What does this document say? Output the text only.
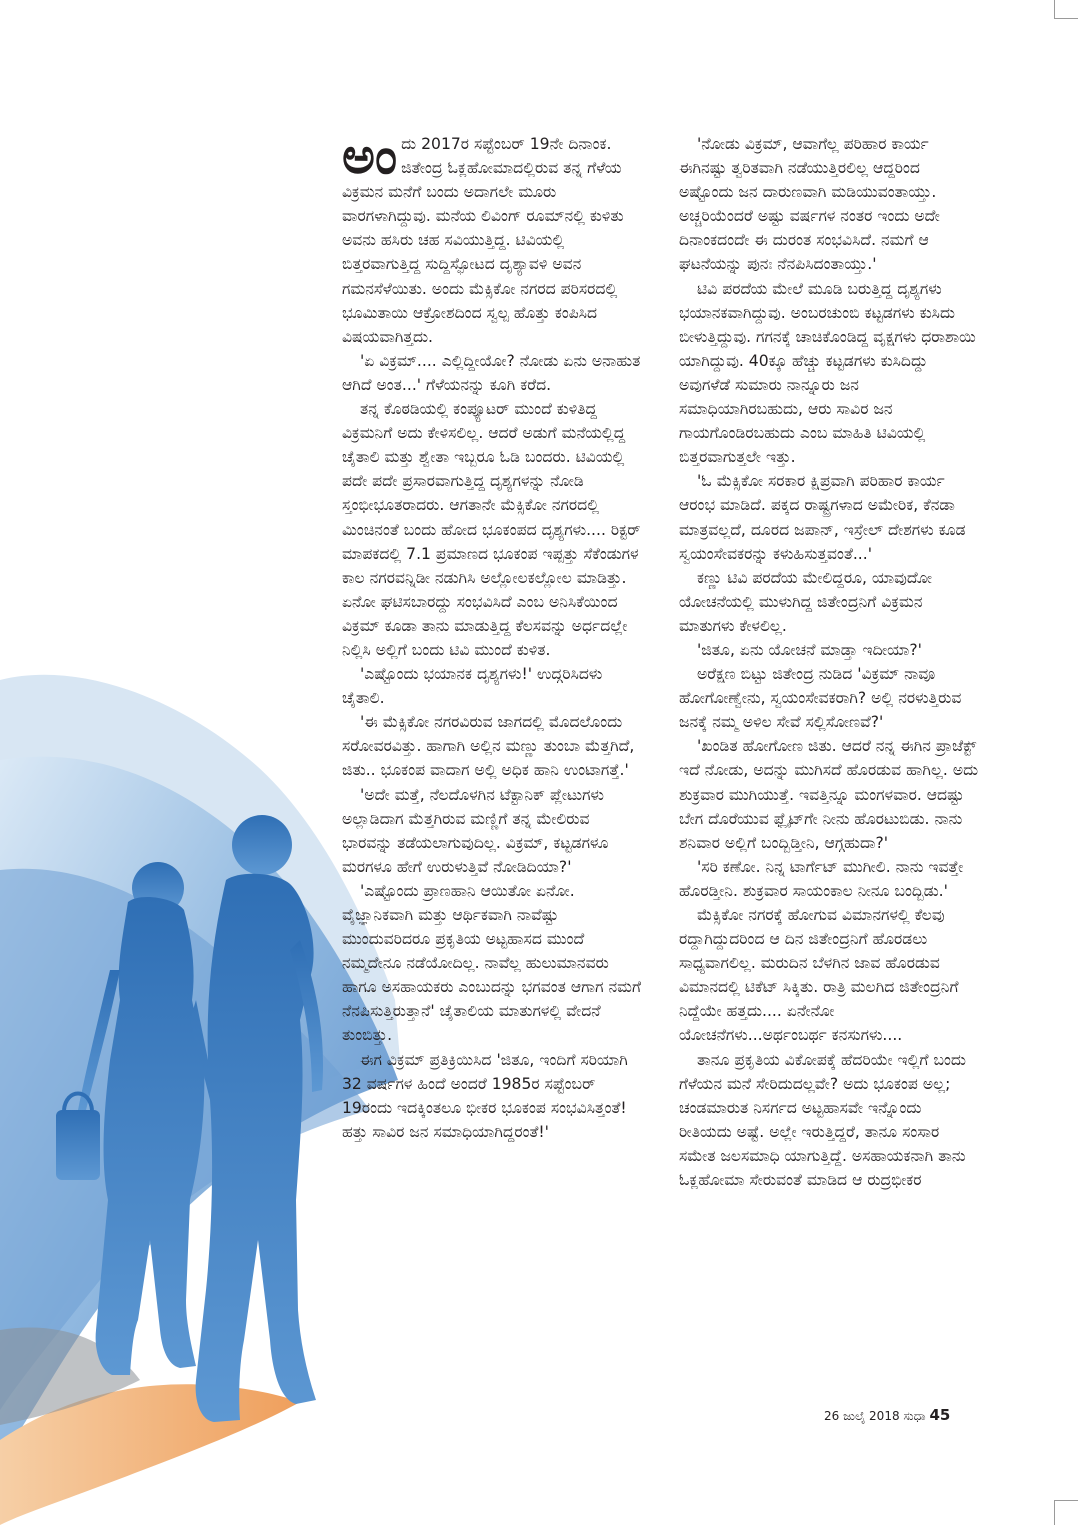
ಅಂದು 2017ರ ಸಪ್ಟೆಂಬರ್ 19ನೇ ದಿನಾಂಕ. ಜಿತೇಂದ್ರ ಓಕ್ಲಹೋಮಾದಲ್ಲಿರುವ ತನ್ನ ಗೆಳೆಯ ವಿಕ್ರಮನ ಮನೆಗೆ ಬಂದು ಅದಾಗಲೇ ಮೂರು ವಾರಗಳಾಗಿದ್ದುವು. ಮನೆಯ ಲಿವಿಂಗ್ ರೂಮ್‌ನಲ್ಲಿ ಕುಳಿತು ಅವನು ಹಸಿರು ಚಹ ಸವಿಯುತ್ತಿದ್ದ. ಟಿವಿಯಲ್ಲಿ ಬಿತ್ತರವಾಗುತ್ತಿದ್ದ ಸುದ್ದಿಸ್ಫೋಟದ ದೃಶ್ಯಾವಳಿ ಅವನ ಗಮನಸೆಳೆಯಿತು. ಅಂದು ಮೆಕ್ಸಿಕೋ ನಗರದ ಪರಿಸರದಲ್ಲಿ ಭೂಮಿತಾಯಿ ಆಕ್ರೋಶದಿಂದ ಸ್ವಲ್ಪ ಹೊತ್ತು ಕಂಪಿಸಿದ ವಿಷಯವಾಗಿತ್ತದು.

'ಏ ವಿಕ್ರಮ್.... ಎಲ್ಲಿದ್ದೀಯೋ? ನೋಡು ಏನು ಅನಾಹುತ ಆಗಿದೆ ಅಂತ...' ಗೆಳೆಯನನ್ನು ಕೂಗಿ ಕರೆದ.

ತನ್ನ ಕೊಠಡಿಯಲ್ಲಿ ಕಂಪ್ಯೂಟರ್ ಮುಂದೆ ಕುಳಿತಿದ್ದ ವಿಕ್ರಮನಿಗೆ ಅದು ಕೇಳಿಸಲಿಲ್ಲ. ಆದರೆ ಅಡುಗೆ ಮನೆಯಲ್ಲಿದ್ದ ಚೈತಾಲಿ ಮತ್ತು ಶ್ವೇತಾ ಇಬ್ಬರೂ ಓಡಿ ಬಂದರು. ಟಿವಿಯಲ್ಲಿ ಪದೇ ಪದೇ ಪ್ರಸಾರವಾಗುತ್ತಿದ್ದ ದೃಶ್ಯಗಳನ್ನು ನೋಡಿ ಸ್ತಂಭೀಭೂತರಾದರು. ಆಗತಾನೇ ಮೆಕ್ಸಿಕೋ ನಗರದಲ್ಲಿ ಮಿಂಚಿನಂತೆ ಬಂದು ಹೋದ ಭೂಕಂಪದ ದೃಶ್ಯಗಳು.... ರಿಕ್ಟರ್ ಮಾಪಕದಲ್ಲಿ 7.1 ಪ್ರಮಾಣದ ಭೂಕಂಪ ಇಪ್ಪತ್ತು ಸೆಕೆಂಡುಗಳ ಕಾಲ ನಗರವನ್ನಿಡೀ ನಡುಗಿಸಿ ಅಲ್ಲೋಲಕಲ್ಲೋಲ ಮಾಡಿತ್ತು. ಏನೋ ಘಟಿಸಬಾರದ್ದು ಸಂಭವಿಸಿದೆ ಎಂಬ ಅನಿಸಿಕೆಯಿಂದ ವಿಕ್ರಮ್ ಕೂಡಾ ತಾನು ಮಾಡುತ್ತಿದ್ದ ಕೆಲಸವನ್ನು ಅರ್ಧದಲ್ಲೇ ನಿಲ್ಲಿಸಿ ಅಲ್ಲಿಗೆ ಬಂದು ಟಿವಿ ಮುಂದೆ ಕುಳಿತ.

'ಎಷ್ಟೊಂದು ಭಯಾನಕ ದೃಶ್ಯಗಳು!' ಉದ್ಗರಿಸಿದಳು ಚೈತಾಲಿ.

'ಈ ಮೆಕ್ಸಿಕೋ ನಗರವಿರುವ ಜಾಗದಲ್ಲಿ ಮೊದಲೊಂದು ಸರೋವರವಿತ್ತು. ಹಾಗಾಗಿ ಅಲ್ಲಿನ ಮಣ್ಣು ತುಂಬಾ ಮೆತ್ತಗಿದೆ, ಜಿತು.. ಭೂಕಂಪ ವಾದಾಗ ಅಲ್ಲಿ ಅಧಿಕ ಹಾನಿ ಉಂಟಾಗತ್ತೆ.'

'ಅದೇ ಮತ್ತೆ, ನೆಲದೊಳಗಿನ ಟೆಕ್ಟಾನಿಕ್ ಪ್ಲೇಟುಗಳು ಅಲ್ಲಾಡಿದಾಗ ಮೆತ್ತಗಿರುವ ಮಣ್ಣಿಗೆ ತನ್ನ ಮೇಲಿರುವ ಭಾರವನ್ನು ತಡೆಯಲಾಗುವುದಿಲ್ಲ. ವಿಕ್ರಮ್, ಕಟ್ಟಡಗಳೂ ಮರಗಳೂ ಹೇಗೆ ಉರುಳುತ್ತಿವೆ ನೋಡಿದಿಯಾ?'

'ಎಷ್ಟೊಂದು ಪ್ರಾಣಹಾನಿ ಆಯಿತೋ ಏನೋ. ವೈಜ್ಞಾನಿಕವಾಗಿ ಮತ್ತು ಆರ್ಥಿಕವಾಗಿ ನಾವೆಷ್ಟು ಮುಂದುವರಿದರೂ ಪ್ರಕೃತಿಯ ಅಟ್ಟಹಾಸದ ಮುಂದೆ ನಮ್ಮದೇನೂ ನಡೆಯೋದಿಲ್ಲ. ನಾವೆಲ್ಲ ಹುಲುಮಾನವರು ಹಾಗೂ ಅಸಹಾಯಕರು ಎಂಬುದನ್ನು ಭಗವಂತ ಆಗಾಗ ನಮಗೆ ನೆನಪಿಸುತ್ತಿರುತ್ತಾನೆ' ಚೈತಾಲಿಯ ಮಾತುಗಳಲ್ಲಿ ವೇದನೆ ತುಂಬಿತ್ತು.

ಈಗ ವಿಕ್ರಮ್ ಪ್ರತಿಕ್ರಿಯಿಸಿದ 'ಜಿತೂ, ಇಂದಿಗೆ ಸರಿಯಾಗಿ 32 ವರ್ಷಗಳ ಹಿಂದೆ ಅಂದರೆ 1985ರ ಸಪ್ಟೆಂಬರ್ 19ರಂದು ಇದಕ್ಕಿಂತಲೂ ಭೀಕರ ಭೂಕಂಪ ಸಂಭವಿಸಿತ್ತಂತೆ! ಹತ್ತು ಸಾವಿರ ಜನ ಸಮಾಧಿಯಾಗಿದ್ದರಂತೆ!'

'ನೋಡು ವಿಕ್ರಮ್, ಆವಾಗೆಲ್ಲ ಪರಿಹಾರ ಕಾರ್ಯ ಈಗಿನಷ್ಟು ತ್ವರಿತವಾಗಿ ನಡೆಯುತ್ತಿರಲಿಲ್ಲ ಆದ್ದರಿಂದ ಅಷ್ಟೊಂದು ಜನ ದಾರುಣವಾಗಿ ಮಡಿಯುವಂತಾಯ್ತು. ಅಚ್ಚರಿಯೆಂದರೆ ಅಷ್ಟು ವರ್ಷಗಳ ನಂತರ ಇಂದು ಅದೇ ದಿನಾಂಕದಂದೇ ಈ ದುರಂತ ಸಂಭವಿಸಿದೆ. ನಮಗೆ ಆ ಘಟನೆಯನ್ನು ಪುನಃ ನೆನಪಿಸಿದಂತಾಯ್ತು.'

ಟಿವಿ ಪರದೆಯ ಮೇಲೆ ಮೂಡಿ ಬರುತ್ತಿದ್ದ ದೃಶ್ಯಗಳು ಭಯಾನಕವಾಗಿದ್ದುವು. ಅಂಬರಚುಂಬಿ ಕಟ್ಟಡಗಳು ಕುಸಿದು ಬೀಳುತ್ತಿದ್ದುವು. ಗಗನಕ್ಕೆ ಚಾಚಿಕೊಂಡಿದ್ದ ವೃಕ್ಷಗಳು ಧರಾಶಾಯಿ ಯಾಗಿದ್ದುವು. 40ಕ್ಕೂ ಹೆಚ್ಚು ಕಟ್ಟಡಗಳು ಕುಸಿದಿದ್ದು ಅವುಗಳೆಡೆ ಸುಮಾರು ನಾನ್ನೂರು ಜನ ಸಮಾಧಿಯಾಗಿರಬಹುದು, ಆರು ಸಾವಿರ ಜನ ಗಾಯಗೊಂಡಿರಬಹುದು ಎಂಬ ಮಾಹಿತಿ ಟಿವಿಯಲ್ಲಿ ಬಿತ್ತರವಾಗುತ್ತಲೇ ಇತ್ತು.

'ಓ ಮೆಕ್ಸಿಕೋ ಸರಕಾರ ಕ್ಷಿಪ್ರವಾಗಿ ಪರಿಹಾರ ಕಾರ್ಯ ಆರಂಭ ಮಾಡಿದೆ. ಪಕ್ಕದ ರಾಷ್ಟ್ರಗಳಾದ ಅಮೇರಿಕ, ಕೆನಡಾ ಮಾತ್ರವಲ್ಲದೆ, ದೂರದ ಜಪಾನ್, ಇಸ್ರೇಲ್ ದೇಶಗಳು ಕೂಡ ಸ್ವಯಂಸೇವಕರನ್ನು ಕಳುಹಿಸುತ್ತವಂತೆ...'

ಕಣ್ಣು ಟಿವಿ ಪರದೆಯ ಮೇಲಿದ್ದರೂ, ಯಾವುದೋ ಯೋಚನೆಯಲ್ಲಿ ಮುಳುಗಿದ್ದ ಜಿತೇಂದ್ರನಿಗೆ ವಿಕ್ರಮನ ಮಾತುಗಳು ಕೇಳಲಿಲ್ಲ.

'ಜಿತೂ, ಏನು ಯೋಚನೆ ಮಾಡ್ತಾ ಇದೀಯಾ?'

ಅರೆಕ್ಷಣ ಬಿಟ್ಟು ಜಿತೇಂದ್ರ ನುಡಿದ 'ವಿಕ್ರಮ್ ನಾವೂ ಹೋಗೋಣ್ವೇನು, ಸ್ವಯಂಸೇವಕರಾಗಿ? ಅಲ್ಲಿ ನರಳುತ್ತಿರುವ ಜನಕ್ಕೆ ನಮ್ಮ ಅಳಿಲ ಸೇವೆ ಸಲ್ಲಿಸೋಣವೆ?'

'ಖಂಡಿತ ಹೋಗೋಣ ಜಿತು. ಆದರೆ ನನ್ನ ಈಗಿನ ಪ್ರಾಜೆಕ್ಟ್ ಇದೆ ನೋಡು, ಅದನ್ನು ಮುಗಿಸದೆ ಹೊರಡುವ ಹಾಗಿಲ್ಲ. ಅದು ಶುಕ್ರವಾರ ಮುಗಿಯುತ್ತೆ. ಇವತ್ತಿನ್ನೂ ಮಂಗಳವಾರ. ಆದಷ್ಟು ಬೇಗ ದೊರೆಯುವ ಫ್ಲೈಟ್‌ಗೇ ನೀನು ಹೊರಟುಬಿಡು. ನಾನು ಶನಿವಾರ ಅಲ್ಲಿಗೆ ಬಂದ್ಬಿಡ್ತೀನಿ, ಆಗ್ಗಹುದಾ?'

'ಸರಿ ಕಣೋ. ನಿನ್ನ ಟಾರ್ಗೆಟ್ ಮುಗೀಲಿ. ನಾನು ಇವತ್ತೇ ಹೊರಡ್ತೀನಿ. ಶುಕ್ರವಾರ ಸಾಯಂಕಾಲ ನೀನೂ ಬಂದ್ಬಿಡು.'

ಮೆಕ್ಸಿಕೋ ನಗರಕ್ಕೆ ಹೋಗುವ ವಿಮಾನಗಳಲ್ಲಿ ಕೆಲವು ರದ್ದಾಗಿದ್ದುದರಿಂದ ಆ ದಿನ ಜಿತೇಂದ್ರನಿಗೆ ಹೊರಡಲು ಸಾಧ್ಯವಾಗಲಿಲ್ಲ. ಮರುದಿನ ಬೆಳಗಿನ ಜಾವ ಹೊರಡುವ ವಿಮಾನದಲ್ಲಿ ಟಿಕೆಟ್ ಸಿಕ್ಕಿತು. ರಾತ್ರಿ ಮಲಗಿದ ಜಿತೇಂದ್ರನಿಗೆ ನಿದ್ದೆಯೇ ಹತ್ತದು.... ಏನೇನೋ ಯೋಚನೆಗಳು...ಅರ್ಥಂಬರ್ಥ ಕನಸುಗಳು....

ತಾನೂ ಪ್ರಕೃತಿಯ ವಿಕೋಪಕ್ಕೆ ಹೆದರಿಯೇ ಇಲ್ಲಿಗೆ ಬಂದು ಗೆಳೆಯನ ಮನೆ ಸೇರಿದುದಲ್ಲವೇ? ಅದು ಭೂಕಂಪ ಅಲ್ಲ; ಚಂಡಮಾರುತ ನಿಸರ್ಗದ ಅಟ್ಟಹಾಸವೇ ಇನ್ನೊಂದು ರೀತಿಯದು ಅಷ್ಟೆ. ಅಲ್ಲೇ ಇರುತ್ತಿದ್ದರೆ, ತಾನೂ ಸಂಸಾರ ಸಮೇತ ಜಲಸಮಾಧಿ ಯಾಗುತ್ತಿದ್ದೆ. ಅಸಹಾಯಕನಾಗಿ ತಾನು ಓಕ್ಲಹೋಮಾ ಸೇರುವಂತೆ ಮಾಡಿದ ಆ ರುದ್ರಭೀಕರ

26 ಜುಲೈ 2018 ಸುಧಾ 45
